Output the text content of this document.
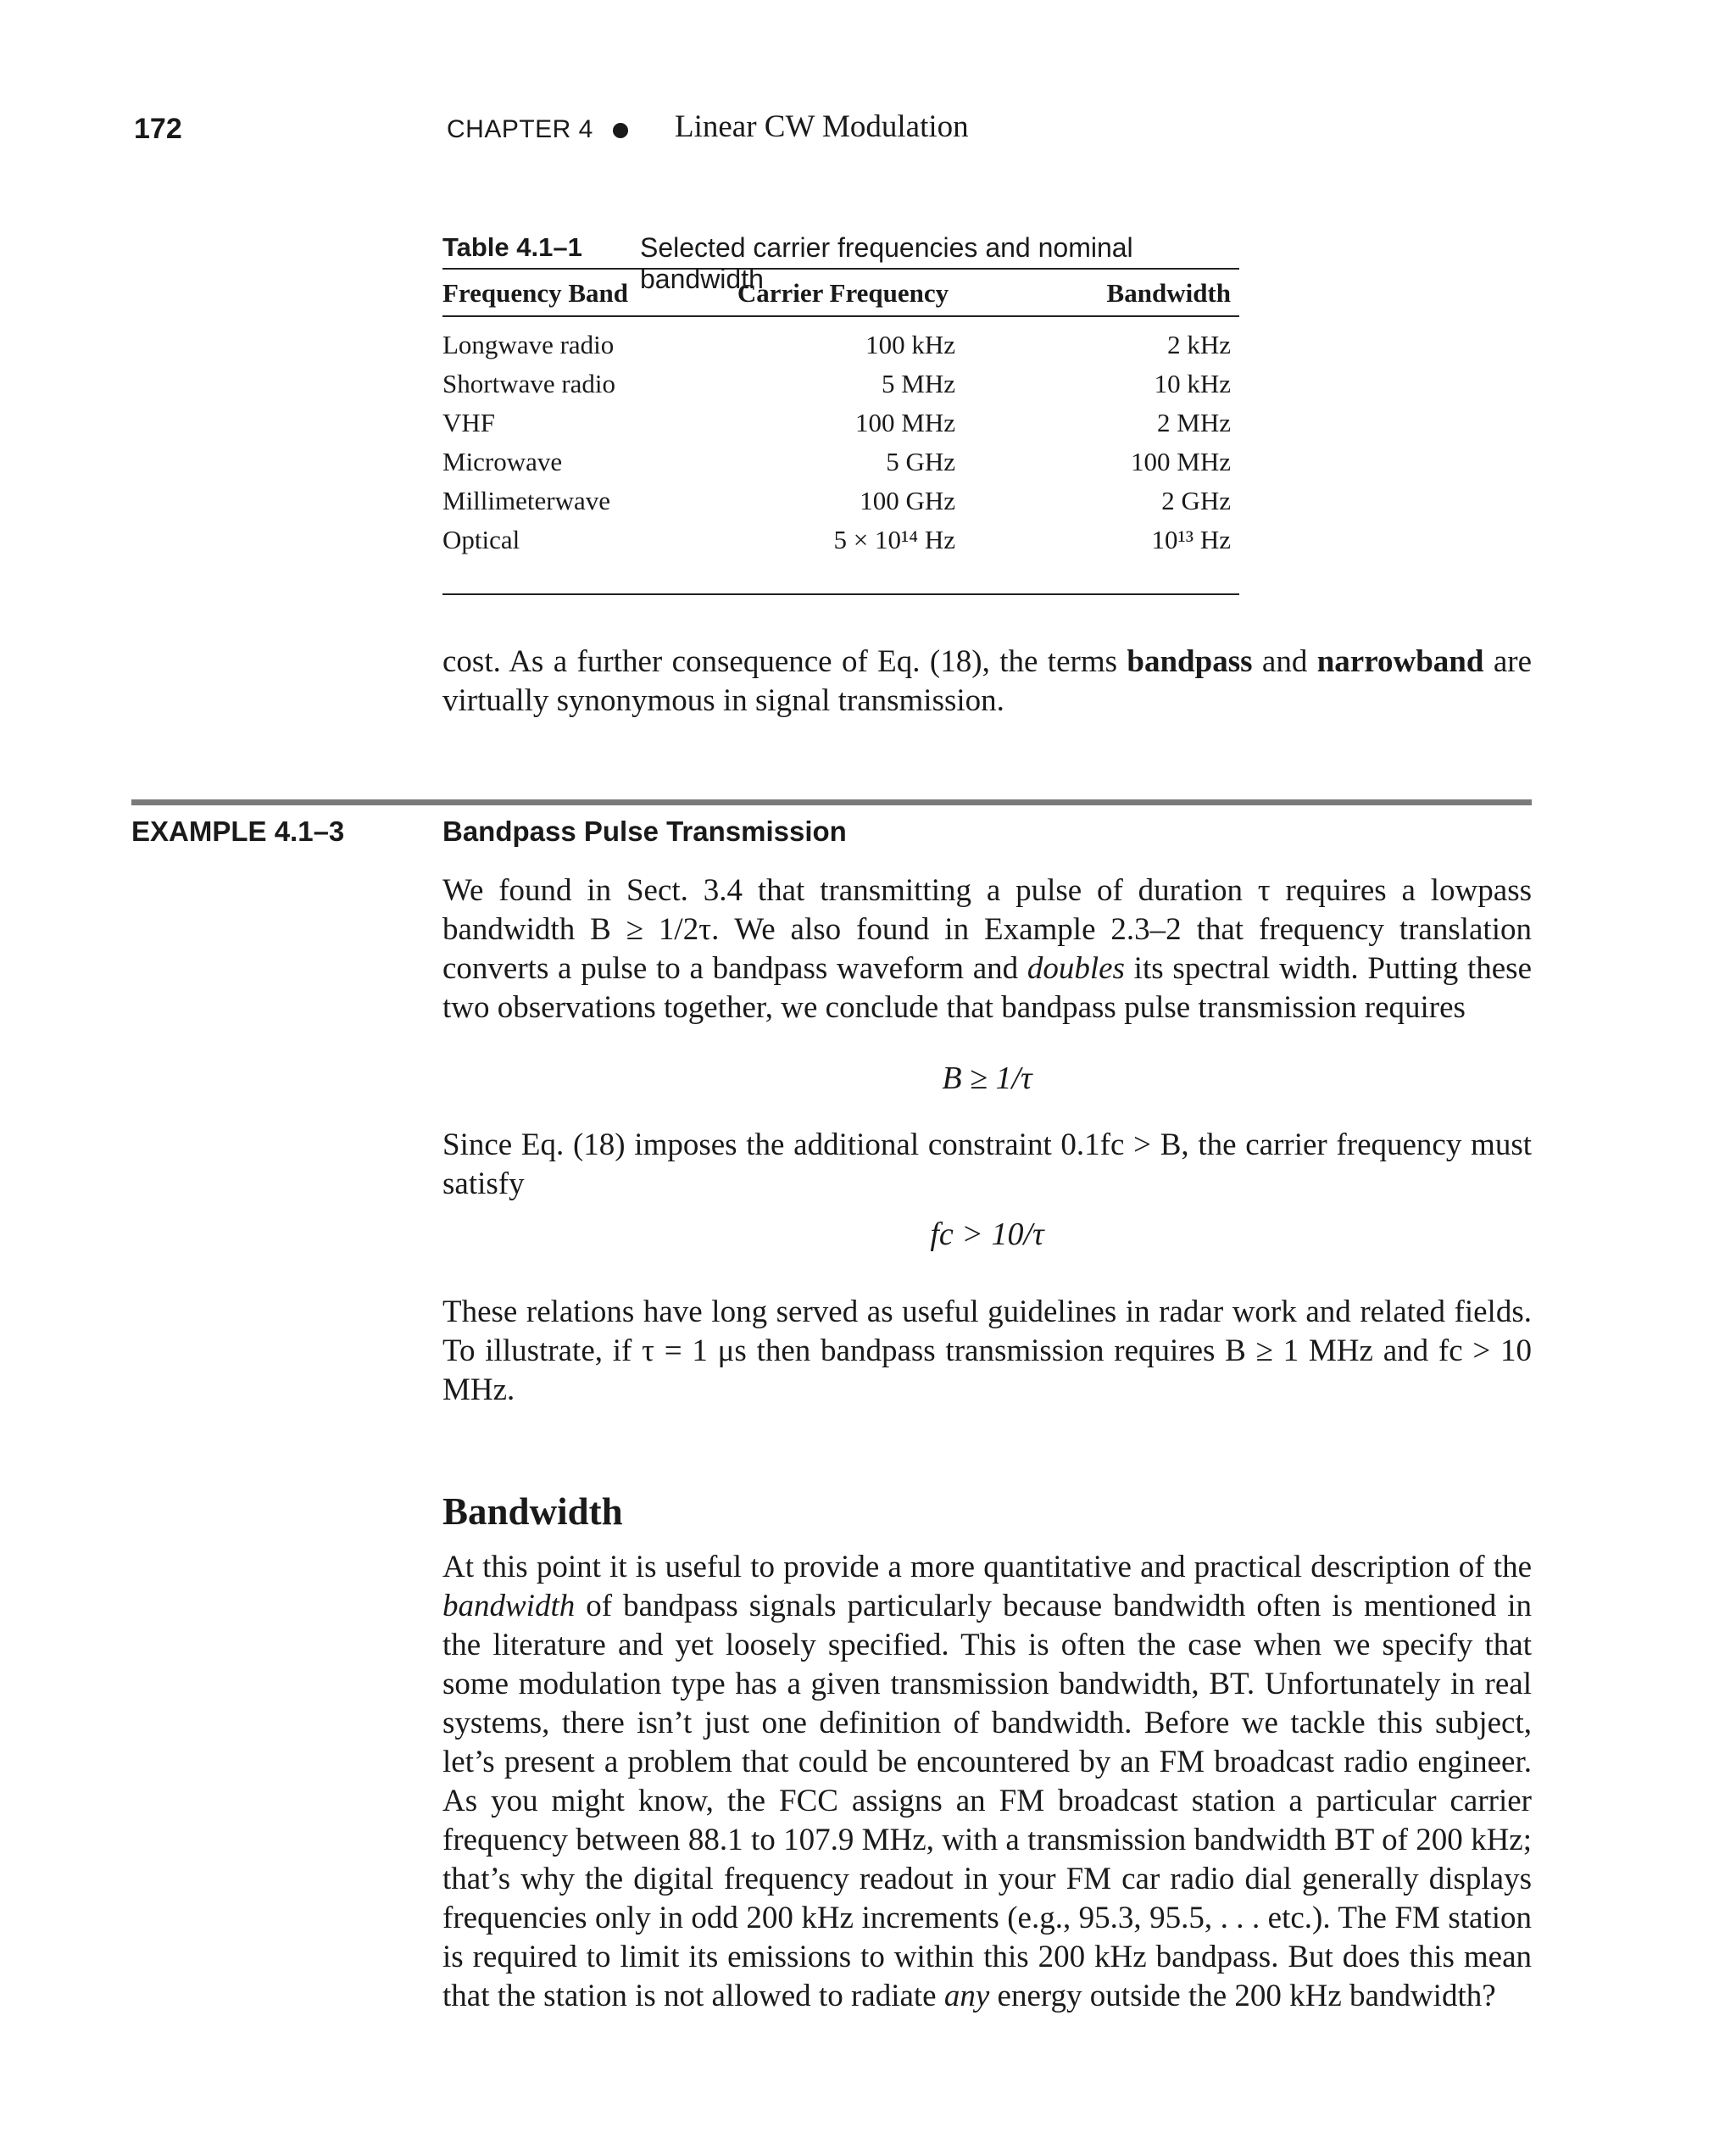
172	CHAPTER 4	Linear CW Modulation
Table 4.1–1 Selected carrier frequencies and nominal bandwidth
Frequency Band	Carrier Frequency	Bandwidth

Longwave radio	100 kHz	2 kHz
Shortwave radio	5 MHz	10 kHz
VHF	100 MHz	2 MHz
Microwave	5 GHz	100 MHz
Millimeterwave	100 GHz	2 GHz
Optical	5 × 10¹⁴ Hz	10¹³ Hz

cost. As a further consequence of Eq. (18), the terms bandpass and narrowband are virtually synonymous in signal transmission.

EXAMPLE 4.1–3	Bandpass Pulse Transmission

We found in Sect. 3.4 that transmitting a pulse of duration τ requires a lowpass bandwidth B ≥ 1/2τ. We also found in Example 2.3–2 that frequency translation converts a pulse to a bandpass waveform and doubles its spectral width. Putting these two observations together, we conclude that bandpass pulse transmission requires

B ≥ 1/τ

Since Eq. (18) imposes the additional constraint 0.1fc > B, the carrier frequency must satisfy

fc > 10/τ

These relations have long served as useful guidelines in radar work and related fields. To illustrate, if τ = 1 μs then bandpass transmission requires B ≥ 1 MHz and fc > 10 MHz.

Bandwidth

At this point it is useful to provide a more quantitative and practical description of the bandwidth of bandpass signals particularly because bandwidth often is mentioned in the literature and yet loosely specified. This is often the case when we specify that some modulation type has a given transmission bandwidth, BT. Unfortunately in real systems, there isn’t just one definition of bandwidth. Before we tackle this subject, let’s present a problem that could be encountered by an FM broadcast radio engineer. As you might know, the FCC assigns an FM broadcast station a particular carrier frequency between 88.1 to 107.9 MHz, with a transmission bandwidth BT of 200 kHz; that’s why the digital frequency readout in your FM car radio dial generally displays frequencies only in odd 200 kHz increments (e.g., 95.3, 95.5, . . . etc.). The FM station is required to limit its emissions to within this 200 kHz bandpass. But does this mean that the station is not allowed to radiate any energy outside the 200 kHz bandwidth?
